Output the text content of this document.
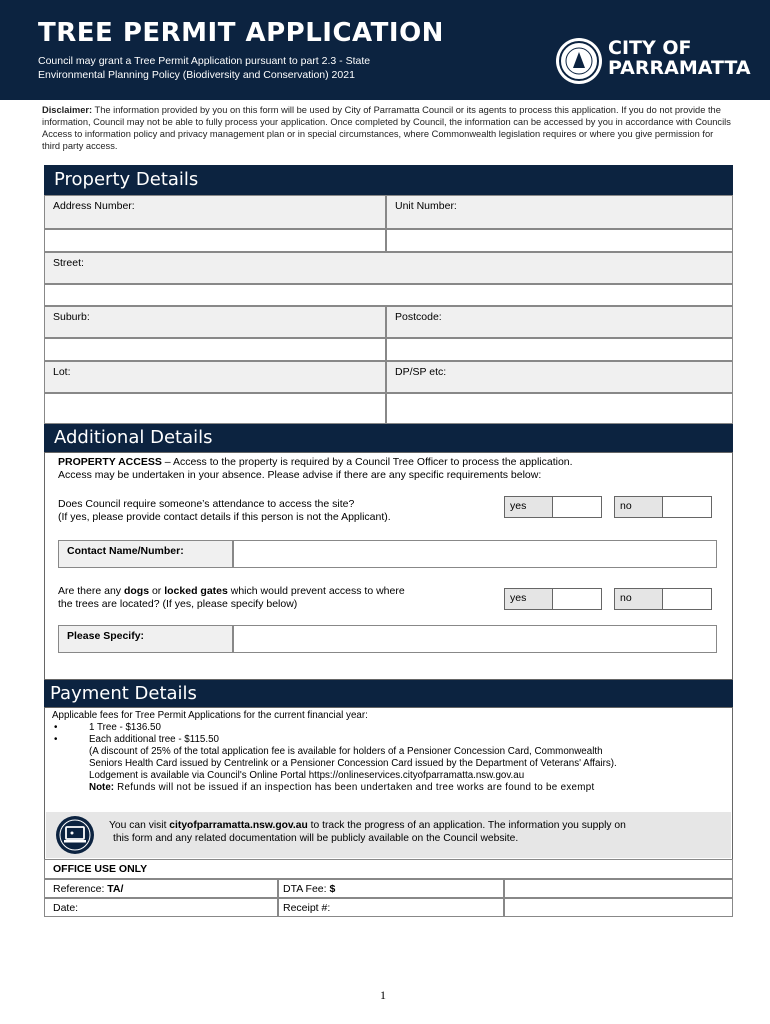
TREE PERMIT APPLICATION
Council may grant a Tree Permit Application pursuant to part 2.3 - State
Environmental Planning Policy (Biodiversity and Conservation) 2021
CITY OF
PARRAMATTA
Disclaimer: The information provided by you on this form will be used by City of Parramatta Council or its agents to process this application. If you do not provide the information, Council may not be able to fully process your application. Once completed by Council, the information can be accessed by you in accordance with Councils Access to information policy and privacy management plan or in special circumstances, where Commonwealth legislation requires or where you give permission for third party access.
Property Details
Address Number:	Unit Number:
Street:
Suburb:	Postcode:
Lot:	DP/SP etc:
Additional Details
PROPERTY ACCESS – Access to the property is required by a Council Tree Officer to process the application.
Access may be undertaken in your absence. Please advise if there are any specific requirements below:
Does Council require someone’s attendance to access the site?
(If yes, please provide contact details if this person is not the Applicant).
yes	no
Contact Name/Number:
Are there any dogs or locked gates which would prevent access to where
the trees are located? (If yes, please specify below)	yes	no
Please Specify:
Payment Details
Applicable fees for Tree Permit Applications for the current financial year:
•	1 Tree - $136.50
•	Each additional tree - $115.50
(A discount of 25% of the total application fee is available for holders of a Pensioner Concession Card, Commonwealth
Seniors Health Card issued by Centrelink or a Pensioner Concession Card issued by the Department of Veterans' Affairs).
Lodgement is available via Council's Online Portal https://onlineservices.cityofparramatta.nsw.gov.au
Note: Refunds will not be issued if an inspection has been undertaken and tree works are found to be exempt
You can visit cityofparramatta.nsw.gov.au to track the progress of an application. The information you supply on
this form and any related documentation will be publicly available on the Council website.
OFFICE USE ONLY
Reference: TA/	DTA Fee: $
Date:	Receipt #:
1
